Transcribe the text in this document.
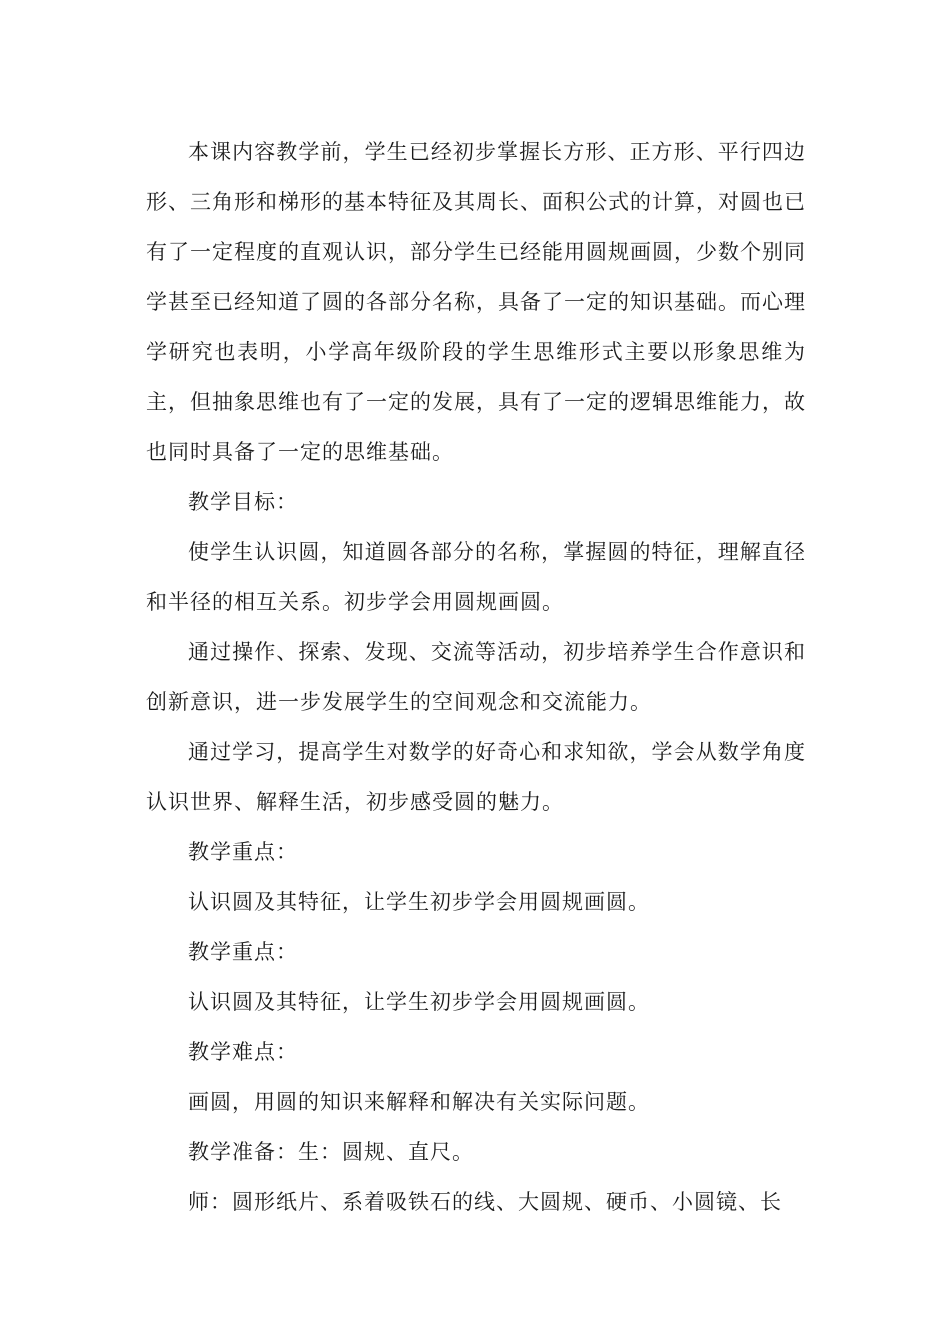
本课内容教学前，学生已经初步掌握长方形、正方形、平行四边形、三角形和梯形的基本特征及其周长、面积公式的计算，对圆也已有了一定程度的直观认识，部分学生已经能用圆规画圆，少数个别同学甚至已经知道了圆的各部分名称，具备了一定的知识基础。而心理学研究也表明，小学高年级阶段的学生思维形式主要以形象思维为主，但抽象思维也有了一定的发展，具有了一定的逻辑思维能力，故也同时具备了一定的思维基础。

教学目标：

使学生认识圆，知道圆各部分的名称，掌握圆的特征，理解直径和半径的相互关系。初步学会用圆规画圆。

通过操作、探索、发现、交流等活动，初步培养学生合作意识和创新意识，进一步发展学生的空间观念和交流能力。

通过学习，提高学生对数学的好奇心和求知欲，学会从数学角度认识世界、解释生活，初步感受圆的魅力。

教学重点：

认识圆及其特征，让学生初步学会用圆规画圆。

教学重点：

认识圆及其特征，让学生初步学会用圆规画圆。

教学难点：

画圆，用圆的知识来解释和解决有关实际问题。

教学准备：生：圆规、直尺。

师：圆形纸片、系着吸铁石的线、大圆规、硬币、小圆镜、长
